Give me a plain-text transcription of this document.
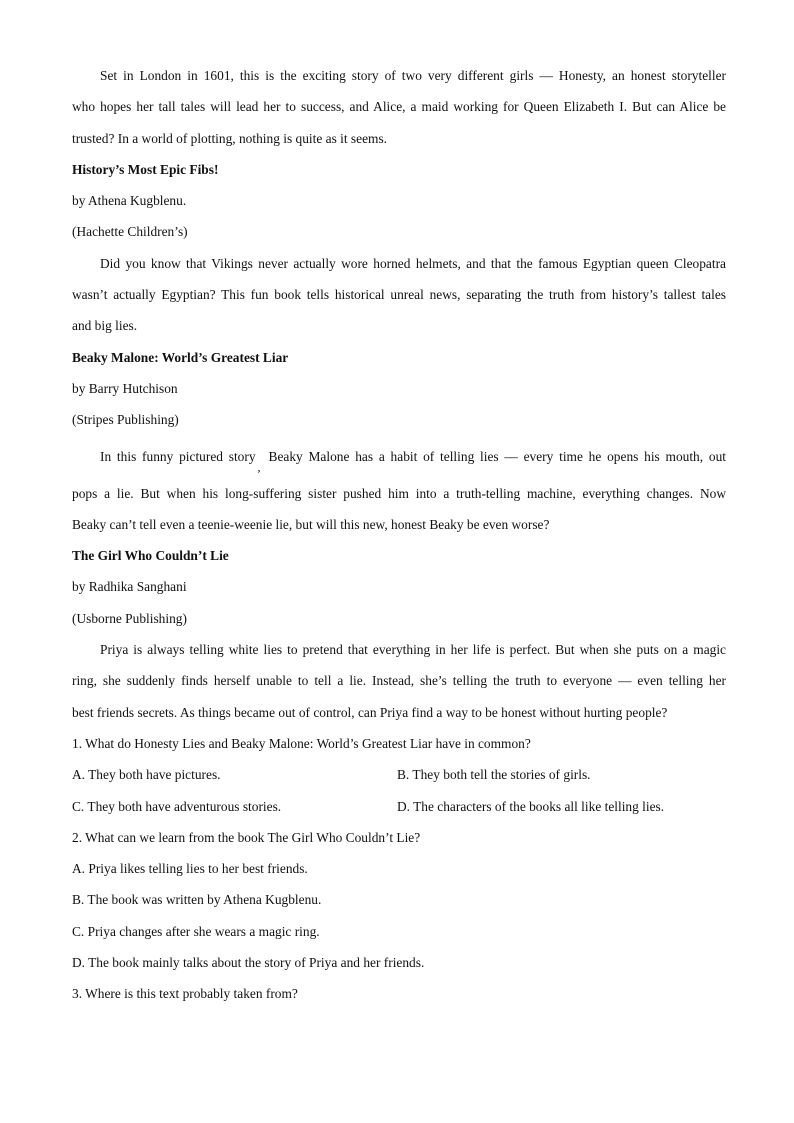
Set in London in 1601, this is the exciting story of two very different girls — Honesty, an honest storyteller

who hopes her tall tales will lead her to success, and Alice, a maid working for Queen Elizabeth I. But can Alice be

trusted? In a world of plotting, nothing is quite as it seems.

History’s Most Epic Fibs!

by Athena Kugblenu.

(Hachette Children’s)

Did you know that Vikings never actually wore horned helmets, and that the famous Egyptian queen Cleopatra

wasn’t actually Egyptian? This fun book tells historical unreal news, separating the truth from history’s tallest tales

and big lies.

Beaky Malone: World’s Greatest Liar

by Barry Hutchison

(Stripes Publishing)

In this funny pictured story,Beaky Malone has a habit of telling lies — every time he opens his mouth, out

pops a lie. But when his long-suffering sister pushed him into a truth-telling machine, everything changes. Now

Beaky can’t tell even a teenie-weenie lie, but will this new, honest Beaky be even worse?

The Girl Who Couldn’t Lie

by Radhika Sanghani

(Usborne Publishing)

Priya is always telling white lies to pretend that everything in her life is perfect. But when she puts on a magic

ring, she suddenly finds herself unable to tell a lie. Instead, she’s telling the truth to everyone — even telling her

best friends secrets. As things became out of control, can Priya find a way to be honest without hurting people?

1. What do Honesty Lies and Beaky Malone: World’s Greatest Liar have in common?

A. They both have pictures.	B. They both tell the stories of girls.
C. They both have adventurous stories.	D. The characters of the books all like telling lies.

2. What can we learn from the book The Girl Who Couldn’t Lie?

A. Priya likes telling lies to her best friends.

B. The book was written by Athena Kugblenu.

C. Priya changes after she wears a magic ring.

D. The book mainly talks about the story of Priya and her friends.

3. Where is this text probably taken from?
